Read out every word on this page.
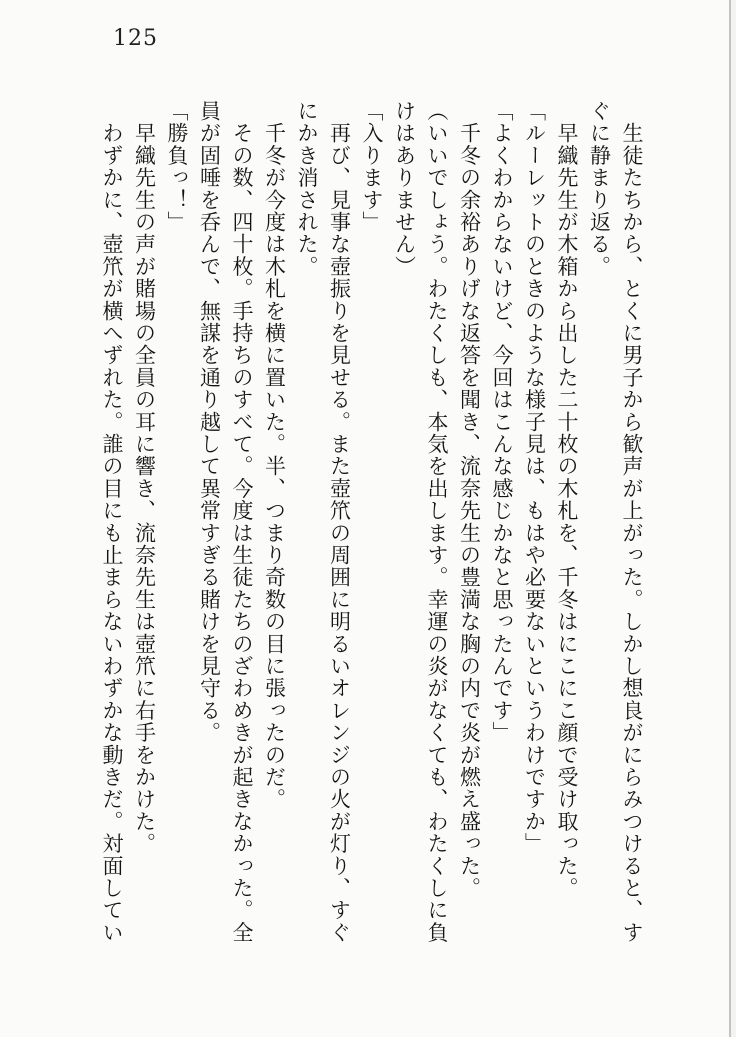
125
　生徒たちから、とくに男子から歓声が上がった。しかし想良がにらみつけると、す
ぐに静まり返る。
　早織先生が木箱から出した二十枚の木札を、千冬はにこにこ顔で受け取った。
「ルーレットのときのような様子見は、もはや必要ないというわけですか」
「よくわからないけど、今回はこんな感じかなと思ったんです」
　千冬の余裕ありげな返答を聞き、流奈先生の豊満な胸の内で炎が燃え盛った。
（いいでしょう。わたくしも、本気を出します。幸運の炎がなくても、わたくしに負
けはありません）
「入ります」
　再び、見事な壺振りを見せる。また壺笊の周囲に明るいオレンジの火が灯り、すぐ
にかき消された。
　千冬が今度は木札を横に置いた。半、つまり奇数の目に張ったのだ。
　その数、四十枚。手持ちのすべて。今度は生徒たちのざわめきが起きなかった。全
員が固唾を呑んで、無謀を通り越して異常すぎる賭けを見守る。
「勝負っ！」
　早織先生の声が賭場の全員の耳に響き、流奈先生は壺笊に右手をかけた。
　わずかに、壺笊が横へずれた。誰の目にも止まらないわずかな動きだ。対面してい
